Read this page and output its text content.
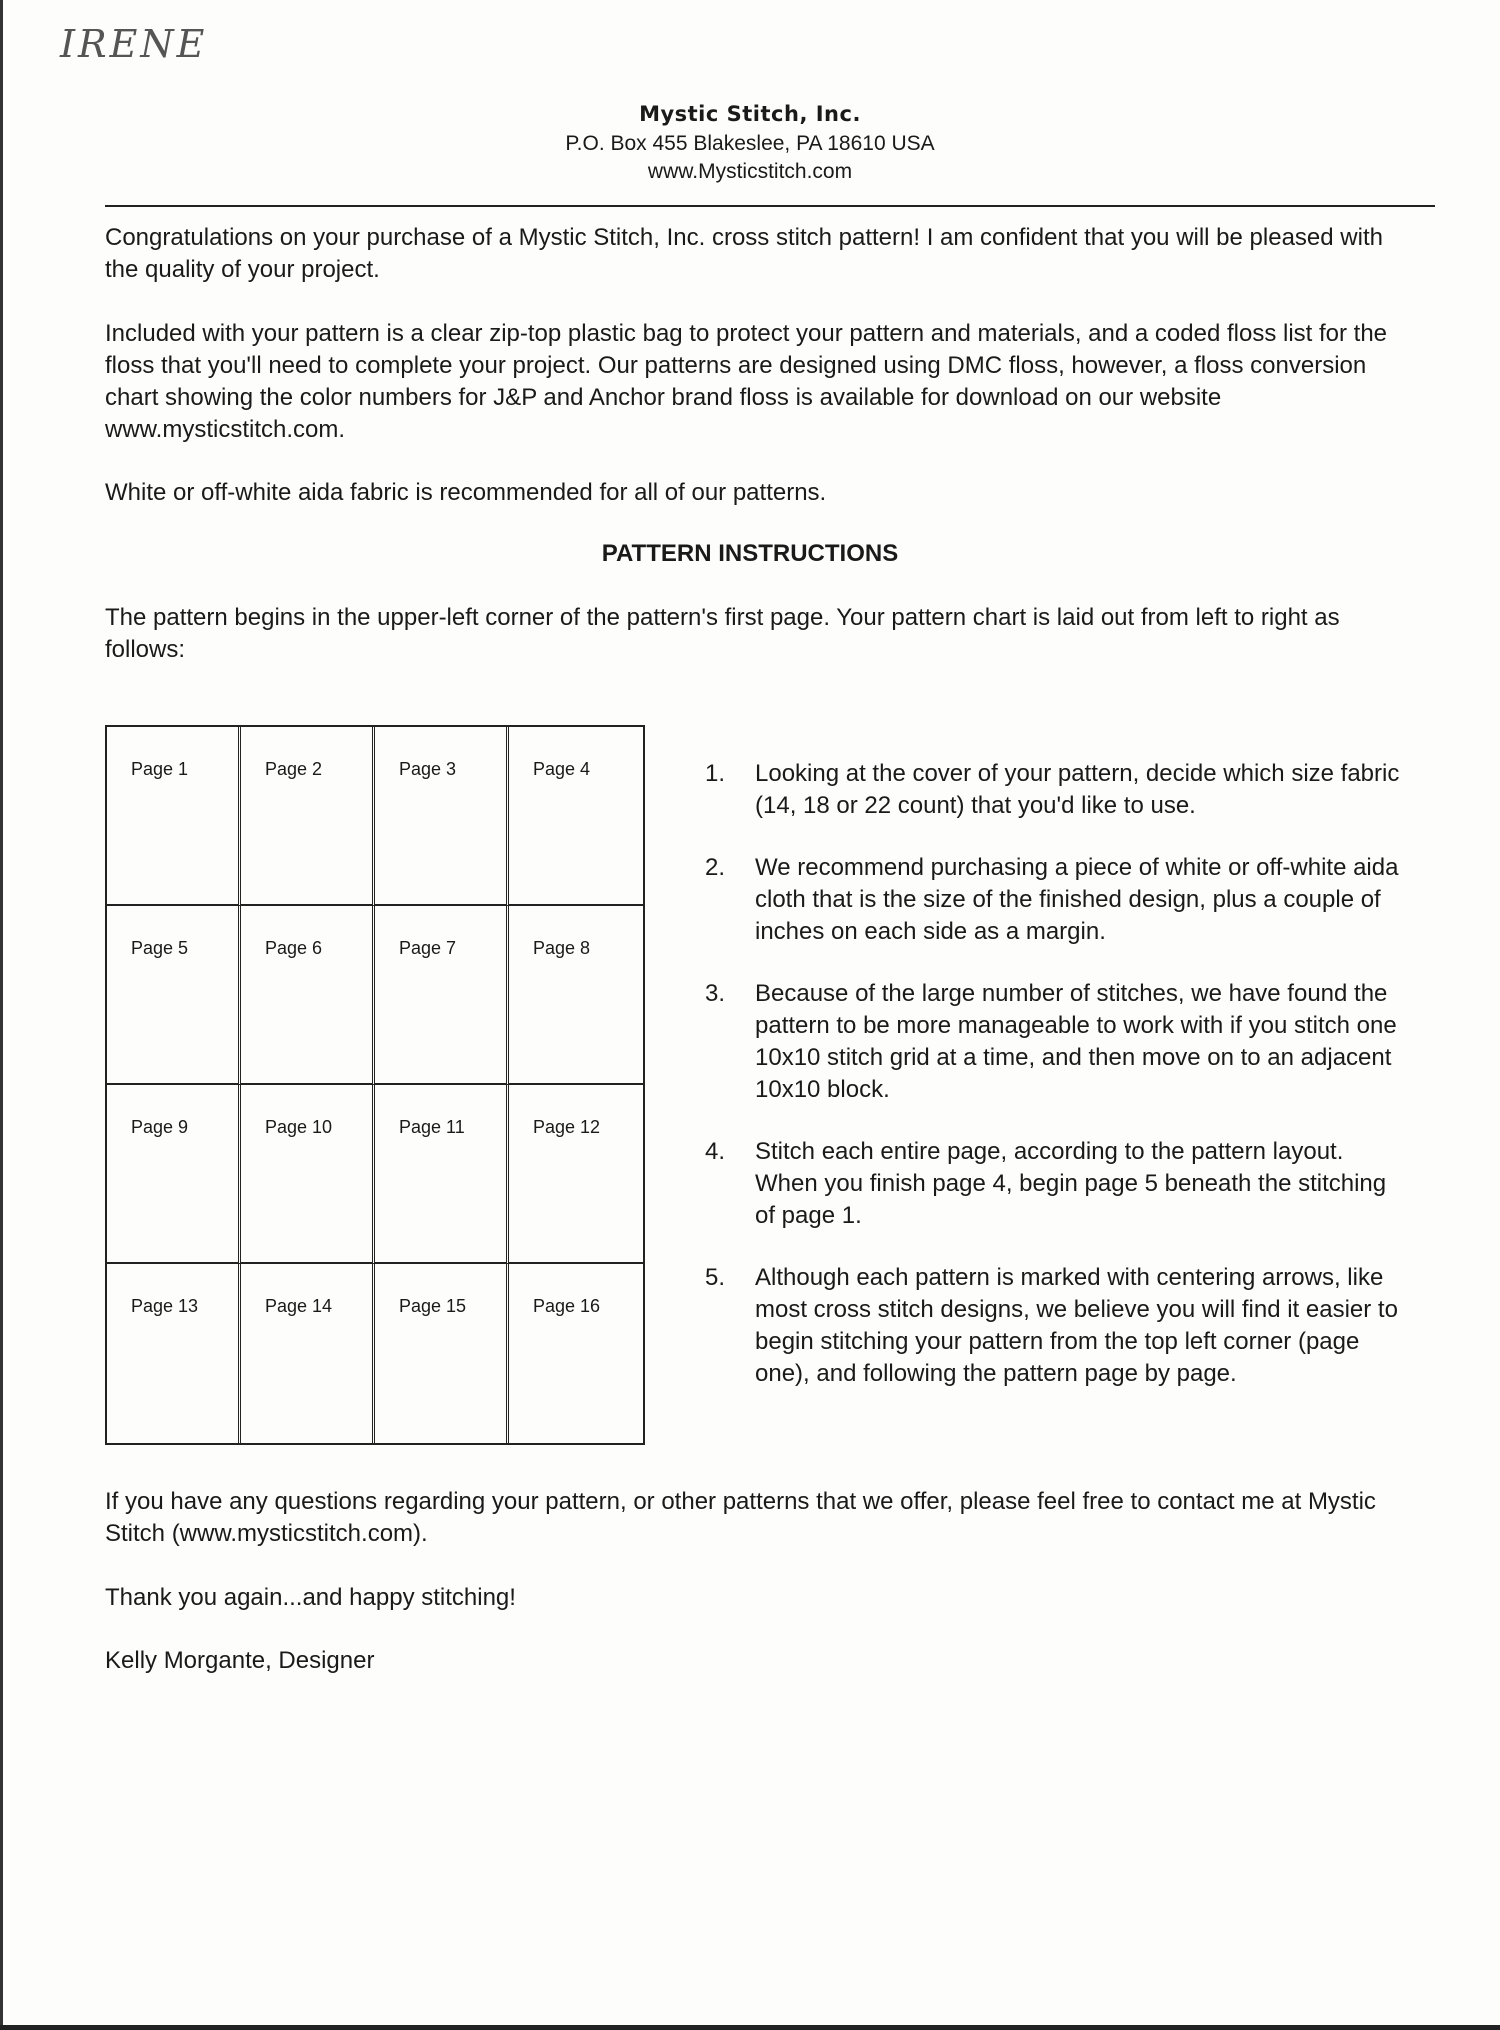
IRENE
Mystic Stitch, Inc.
P.O. Box 455 Blakeslee, PA 18610 USA
www.Mysticstitch.com

Congratulations on your purchase of a Mystic Stitch, Inc. cross stitch pattern! I am confident that you will be pleased with the quality of your project.

Included with your pattern is a clear zip-top plastic bag to protect your pattern and materials, and a coded floss list for the floss that you'll need to complete your project. Our patterns are designed using DMC floss, however, a floss conversion chart showing the color numbers for J&P and Anchor brand floss is available for download on our website www.mysticstitch.com.

White or off-white aida fabric is recommended for all of our patterns.

PATTERN INSTRUCTIONS

The pattern begins in the upper-left corner of the pattern's first page. Your pattern chart is laid out from left to right as follows:

Page 1	Page 2	Page 3	Page 4
Page 5	Page 6	Page 7	Page 8
Page 9	Page 10	Page 11	Page 12
Page 13	Page 14	Page 15	Page 16
1. Looking at the cover of your pattern, decide which size fabric (14, 18 or 22 count) that you'd like to use.
2. We recommend purchasing a piece of white or off-white aida cloth that is the size of the finished design, plus a couple of inches on each side as a margin.
3. Because of the large number of stitches, we have found the pattern to be more manageable to work with if you stitch one 10x10 stitch grid at a time, and then move on to an adjacent 10x10 block.
4. Stitch each entire page, according to the pattern layout. When you finish page 4, begin page 5 beneath the stitching of page 1.
5. Although each pattern is marked with centering arrows, like most cross stitch designs, we believe you will find it easier to begin stitching your pattern from the top left corner (page one), and following the pattern page by page.

If you have any questions regarding your pattern, or other patterns that we offer, please feel free to contact me at Mystic Stitch (www.mysticstitch.com).

Thank you again...and happy stitching!

Kelly Morgante, Designer
